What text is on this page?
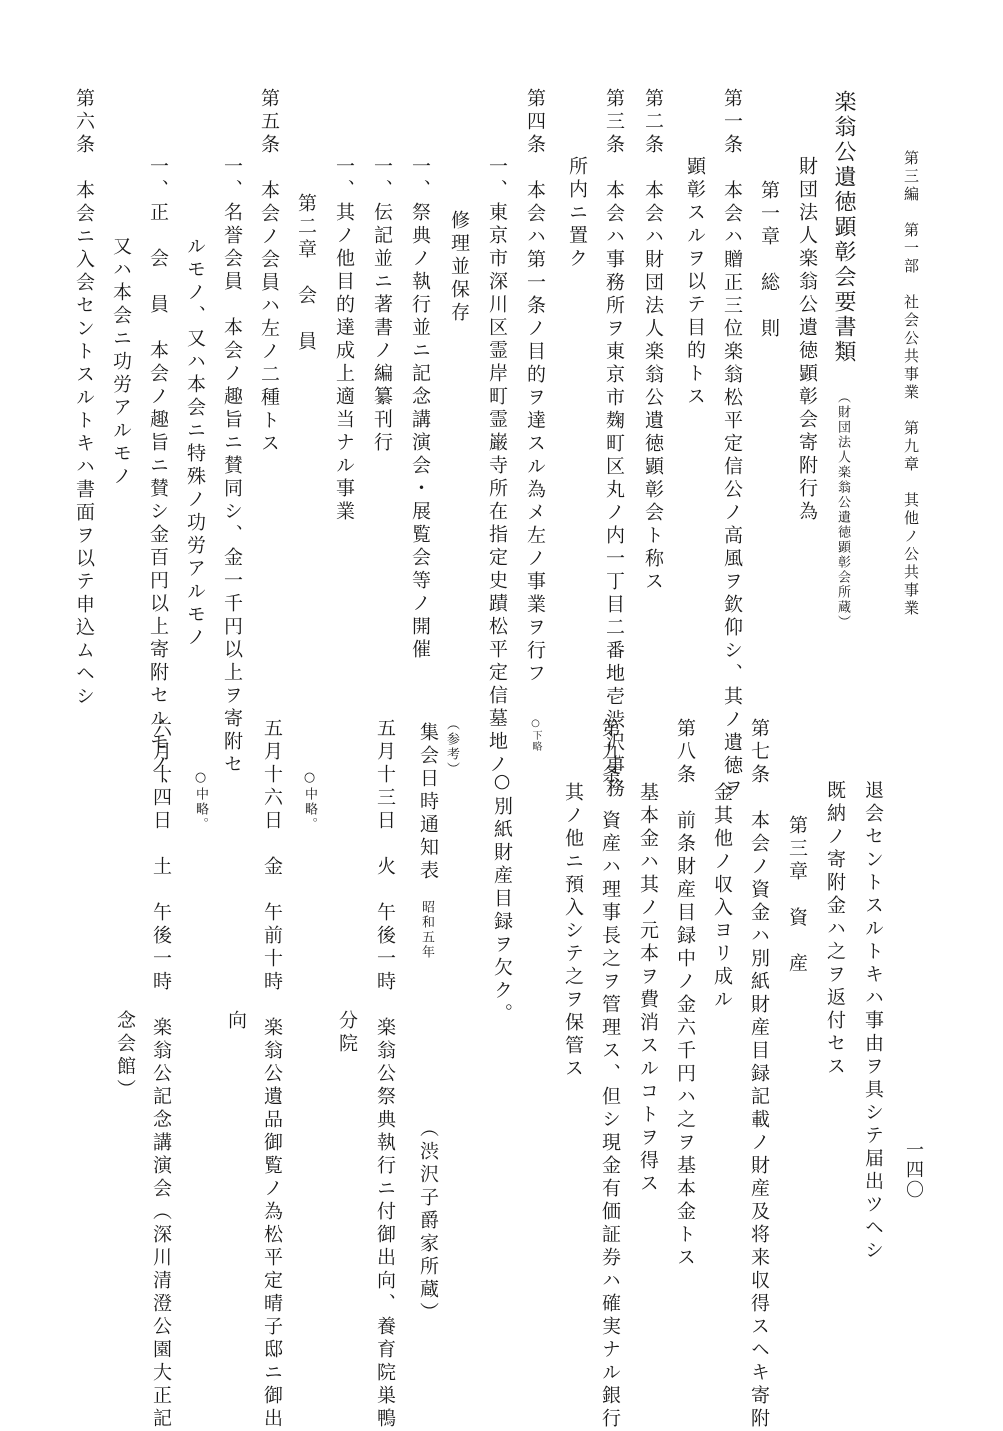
第三編　第一部　社会公共事業　第九章　其他ノ公共事業
一四〇
楽翁公遺徳顕彰会要書類
（財団法人楽翁公遺徳顕彰会所蔵）
財団法人楽翁公遺徳顕彰会寄附行為
第一章　総　則
第一条　本会ハ贈正三位楽翁松平定信公ノ高風ヲ欽仰シ、其ノ遺徳ヲ
顕彰スルヲ以テ目的トス
第二条　本会ハ財団法人楽翁公遺徳顕彰会ト称ス
第三条　本会ハ事務所ヲ東京市麹町区丸ノ内一丁目二番地壱渋沢事務
所内ニ置ク
第四条　本会ハ第一条ノ目的ヲ達スル為メ左ノ事業ヲ行フ
一、東京市深川区霊岸町霊巌寺所在指定史蹟松平定信墓地ノ
修理並保存
一、祭典ノ執行並ニ記念講演会・展覧会等ノ開催
一、伝記並ニ著書ノ編纂刊行
一、其ノ他目的達成上適当ナル事業
第二章　会　員
第五条　本会ノ会員ハ左ノ二種トス
一、名誉会員　本会ノ趣旨ニ賛同シ、金一千円以上ヲ寄附セ
ルモノ、又ハ本会ニ特殊ノ功労アルモノ
一、正　会　員　本会ノ趣旨ニ賛シ金百円以上寄附セルモノ、
又ハ本会ニ功労アルモノ
第六条　本会ニ入会セントスルトキハ書面ヲ以テ申込ムヘシ
退会セントスルトキハ事由ヲ具シテ届出ツヘシ
既納ノ寄附金ハ之ヲ返付セス
第三章　資　産
第七条　本会ノ資金ハ別紙財産目録記載ノ財産及将来収得スヘキ寄附
金其他ノ収入ヨリ成ル
第八条　前条財産目録中ノ金六千円ハ之ヲ基本金トス
基本金ハ其ノ元本ヲ費消スルコトヲ得ス
第九条　資産ハ理事長之ヲ管理ス、但シ現金有価証券ハ確実ナル銀行
其ノ他ニ預入シテ之ヲ保管ス
○下略
○別紙財産目録ヲ欠ク。
（参考）
集会日時通知表
昭和五年
（渋沢子爵家所蔵）
五月十三日　火　午後一時　楽翁公祭典執行ニ付御出向、養育院巣鴨
分院
○中略。
五月十六日　金　午前十時　楽翁公遺品御覧ノ為松平定晴子邸ニ御出
向
○中略。
六月十四日　土　午後一時　楽翁公記念講演会（深川清澄公園大正記
念会館）
